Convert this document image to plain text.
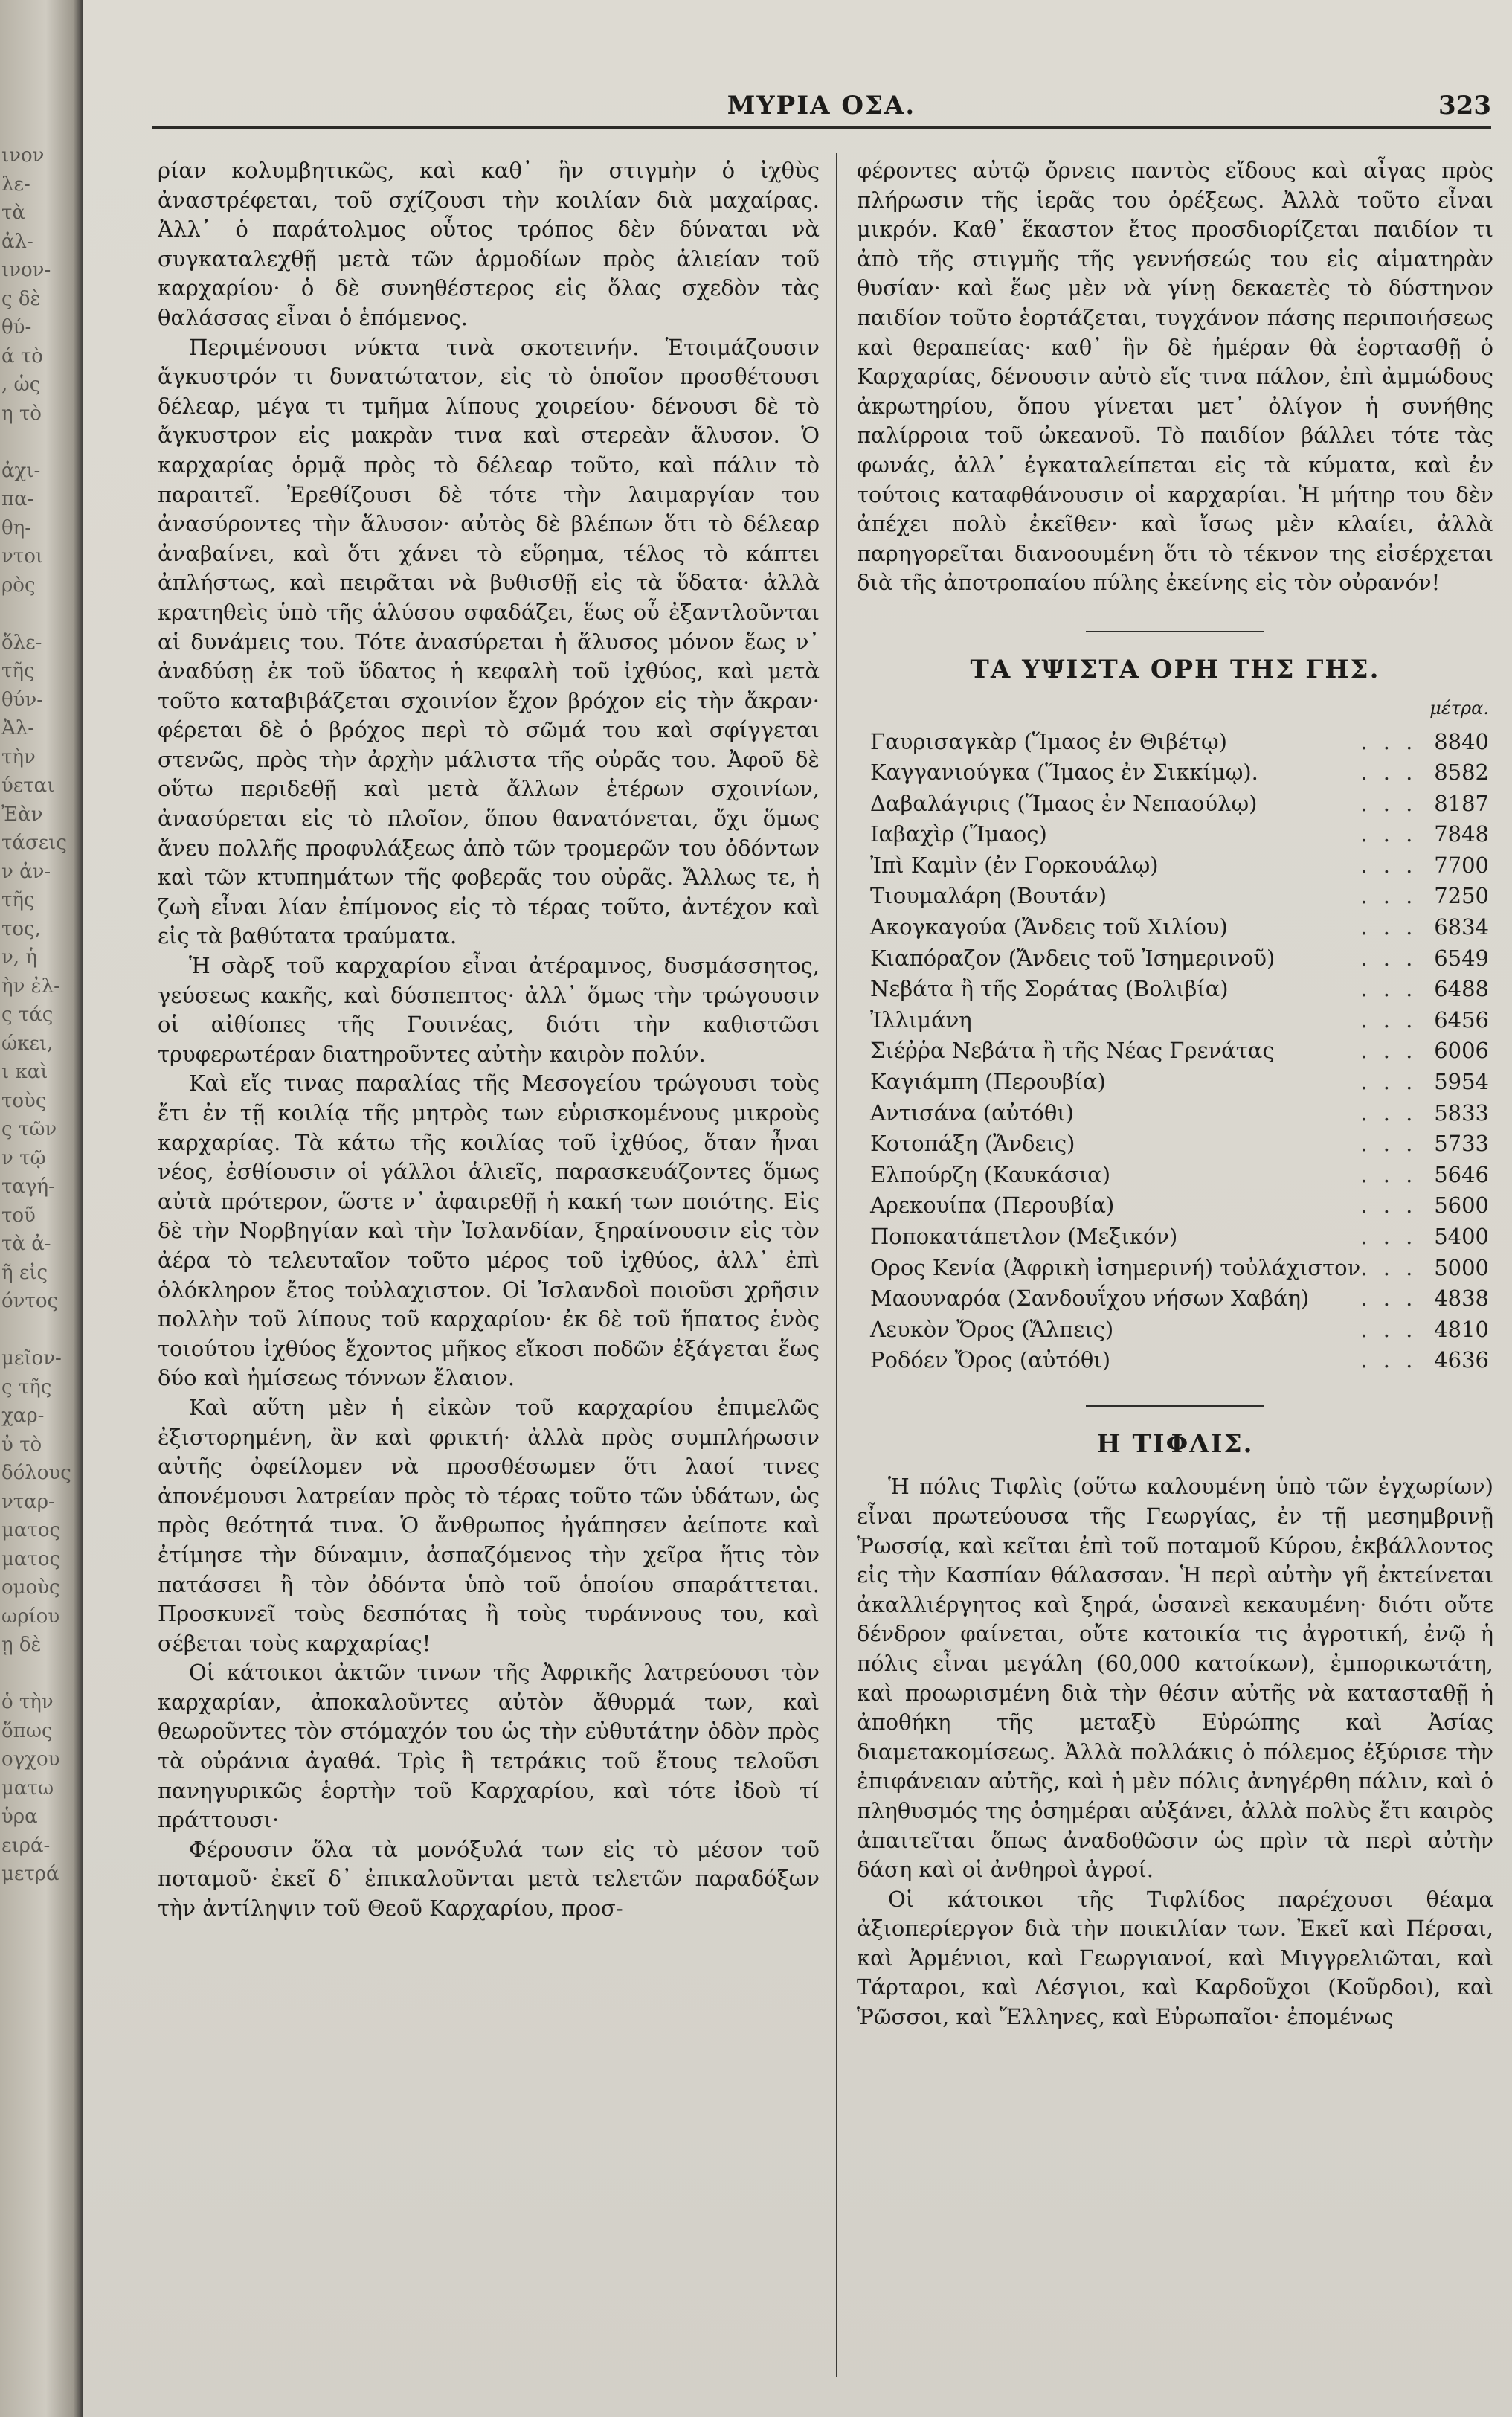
ινον
λε-
τὰ
ἀλ-
ινον-
ς δὲ
θύ-
ά τὸ
, ὡς
η τὸ

ἀχι-
πα-
θη-
ντοι
ρὸς

ὅλε-
τῆς
θύν-
Ἀλ-
τὴν
ύεται
Ἐὰν
τάσεις
ν ἀν-
τῆς
τος,
ν, ἡ
ὴν ἐλ-
ς τάς
ώκει,
ι καὶ
τοὺς
ς τῶν
ν τῷ
ταγή-
τοῦ
τὰ ἀ-
ῆ εἰς
όντος

μεῖον-
ς τῆς
χαρ-
ὐ τὸ
δόλους
νταρ-
ματος
ματος
ομοὺς
ωρίου
ῃ δὲ

ὁ τὴν
ὅπως
ογχου
ματω
ὑρα
ειρά-
μετρά
ΜΥΡΙΑ ΟΣΑ.	323

ρίαν κολυμβητικῶς, καὶ καθ᾽ ἣν στιγμὴν ὁ ἰχθὺς ἀναστρέφεται, τοῦ σχίζουσι τὴν κοιλίαν διὰ μαχαίρας. Ἀλλ᾽ ὁ παράτολμος οὗτος τρόπος δὲν δύναται νὰ συγκαταλεχθῇ μετὰ τῶν ἁρμοδίων πρὸς ἁλιείαν τοῦ καρχαρίου· ὁ δὲ συνηθέστερος εἰς ὅλας σχεδὸν τὰς θαλάσσας εἶναι ὁ ἑπόμενος.

Περιμένουσι νύκτα τινὰ σκοτεινήν. Ἑτοιμάζουσιν ἄγκυστρόν τι δυνατώτατον, εἰς τὸ ὁποῖον προσθέτουσι δέλεαρ, μέγα τι τμῆμα λίπους χοιρείου· δένουσι δὲ τὸ ἄγκυστρον εἰς μακρὰν τινα καὶ στερεὰν ἅλυσον. Ὁ καρχαρίας ὁρμᾷ πρὸς τὸ δέλεαρ τοῦτο, καὶ πάλιν τὸ παραιτεῖ. Ἐρεθίζουσι δὲ τότε τὴν λαιμαργίαν του ἀνασύροντες τὴν ἅλυσον· αὐτὸς δὲ βλέπων ὅτι τὸ δέλεαρ ἀναβαίνει, καὶ ὅτι χάνει τὸ εὕρημα, τέλος τὸ κάπτει ἀπλήστως, καὶ πειρᾶται νὰ βυθισθῇ εἰς τὰ ὕδατα· ἀλλὰ κρατηθεὶς ὑπὸ τῆς ἁλύσου σφαδάζει, ἕως οὗ ἐξαντλοῦνται αἱ δυνάμεις του. Τότε ἀνασύρεται ἡ ἅλυσος μόνον ἕως ν᾽ ἀναδύσῃ ἐκ τοῦ ὕδατος ἡ κεφαλὴ τοῦ ἰχθύος, καὶ μετὰ τοῦτο καταβιβάζεται σχοινίον ἔχον βρόχον εἰς τὴν ἄκραν· φέρεται δὲ ὁ βρόχος περὶ τὸ σῶμά του καὶ σφίγγεται στενῶς, πρὸς τὴν ἀρχὴν μάλιστα τῆς οὐρᾶς του. Ἀφοῦ δὲ οὕτω περιδεθῇ καὶ μετὰ ἄλλων ἑτέρων σχοινίων, ἀνασύρεται εἰς τὸ πλοῖον, ὅπου θανατόνεται, ὄχι ὅμως ἄνευ πολλῆς προφυλάξεως ἀπὸ τῶν τρομερῶν του ὀδόντων καὶ τῶν κτυπημάτων τῆς φοβερᾶς του οὐρᾶς. Ἄλλως τε, ἡ ζωὴ εἶναι λίαν ἐπίμονος εἰς τὸ τέρας τοῦτο, ἀντέχον καὶ εἰς τὰ βαθύτατα τραύματα.

Ἡ σὰρξ τοῦ καρχαρίου εἶναι ἀτέραμνος, δυσμάσσητος, γεύσεως κακῆς, καὶ δύσπεπτος· ἀλλ᾽ ὅμως τὴν τρώγουσιν οἱ αἰθίοπες τῆς Γουινέας, διότι τὴν καθιστῶσι τρυφερωτέραν διατηροῦντες αὐτὴν καιρὸν πολύν.

Καὶ εἴς τινας παραλίας τῆς Μεσογείου τρώγουσι τοὺς ἔτι ἐν τῇ κοιλίᾳ τῆς μητρὸς των εὑρισκομένους μικροὺς καρχαρίας. Τὰ κάτω τῆς κοιλίας τοῦ ἰχθύος, ὅταν ἦναι νέος, ἐσθίουσιν οἱ γάλλοι ἁλιεῖς, παρασκευάζοντες ὅμως αὐτὰ πρότερον, ὥστε ν᾽ ἀφαιρεθῇ ἡ κακή των ποιότης. Εἰς δὲ τὴν Νορβηγίαν καὶ τὴν Ἰσλανδίαν, ξηραίνουσιν εἰς τὸν ἀέρα τὸ τελευταῖον τοῦτο μέρος τοῦ ἰχθύος, ἀλλ᾽ ἐπὶ ὁλόκληρον ἔτος τοὐλαχιστον. Οἱ Ἰσλανδοὶ ποιοῦσι χρῆσιν πολλὴν τοῦ λίπους τοῦ καρχαρίου· ἐκ δὲ τοῦ ἥπατος ἑνὸς τοιούτου ἰχθύος ἔχοντος μῆκος εἴκοσι ποδῶν ἐξάγεται ἕως δύο καὶ ἡμίσεως τόννων ἔλαιον.

Καὶ αὕτη μὲν ἡ εἰκὼν τοῦ καρχαρίου ἐπιμελῶς ἐξιστορημένη, ἂν καὶ φρικτή· ἀλλὰ πρὸς συμπλήρωσιν αὐτῆς ὀφείλομεν νὰ προσθέσωμεν ὅτι λαοί τινες ἀπονέμουσι λατρείαν πρὸς τὸ τέρας τοῦτο τῶν ὑδάτων, ὡς πρὸς θεότητά τινα. Ὁ ἄνθρωπος ἠγάπησεν ἀείποτε καὶ ἐτίμησε τὴν δύναμιν, ἀσπαζόμενος τὴν χεῖρα ἥτις τὸν πατάσσει ἢ τὸν ὀδόντα ὑπὸ τοῦ ὁποίου σπαράττεται. Προσκυνεῖ τοὺς δεσπότας ἢ τοὺς τυράννους του, καὶ σέβεται τοὺς καρχαρίας!

Οἱ κάτοικοι ἀκτῶν τινων τῆς Ἀφρικῆς λατρεύουσι τὸν καρχαρίαν, ἀποκαλοῦντες αὐτὸν ἄθυρμά των, καὶ θεωροῦντες τὸν στόμαχόν του ὡς τὴν εὐθυτάτην ὁδὸν πρὸς τὰ οὐράνια ἀγαθά. Τρὶς ἢ τετράκις τοῦ ἔτους τελοῦσι πανηγυρικῶς ἑορτὴν τοῦ Καρχαρίου, καὶ τότε ἰδοὺ τί πράττουσι·

Φέρουσιν ὅλα τὰ μονόξυλά των εἰς τὸ μέσον τοῦ ποταμοῦ· ἐκεῖ δ᾽ ἐπικαλοῦνται μετὰ τελετῶν παραδόξων τὴν ἀντίληψιν τοῦ Θεοῦ Καρχαρίου, προσ-

φέροντες αὐτῷ ὄρνεις παντὸς εἴδους καὶ αἶγας πρὸς πλήρωσιν τῆς ἱερᾶς του ὀρέξεως. Ἀλλὰ τοῦτο εἶναι μικρόν. Καθ᾽ ἕκαστον ἔτος προσδιορίζεται παιδίον τι ἀπὸ τῆς στιγμῆς τῆς γεννήσεώς του εἰς αἱματηρὰν θυσίαν· καὶ ἕως μὲν νὰ γίνῃ δεκαετὲς τὸ δύστηνον παιδίον τοῦτο ἑορτάζεται, τυγχάνον πάσης περιποιήσεως καὶ θεραπείας· καθ᾽ ἣν δὲ ἡμέραν θὰ ἑορτασθῇ ὁ Καρχαρίας, δένουσιν αὐτὸ εἴς τινα πάλον, ἐπὶ ἀμμώδους ἀκρωτηρίου, ὅπου γίνεται μετ᾽ ὀλίγον ἡ συνήθης παλίρροια τοῦ ὠκεανοῦ. Τὸ παιδίον βάλλει τότε τὰς φωνάς, ἀλλ᾽ ἐγκαταλείπεται εἰς τὰ κύματα, καὶ ἐν τούτοις καταφθάνουσιν οἱ καρχαρίαι. Ἡ μήτηρ του δὲν ἀπέχει πολὺ ἐκεῖθεν· καὶ ἴσως μὲν κλαίει, ἀλλὰ παρηγορεῖται διανοουμένη ὅτι τὸ τέκνον της εἰσέρχεται διὰ τῆς ἀποτροπαίου πύλης ἐκείνης εἰς τὸν οὐρανόν!

ΤΑ ΥΨΙΣΤΑ ΟΡΗ ΤΗΣ ΓΗΣ.
μέτρα.
Γαυρισαγκὰρ (Ἵμαος ἐν Θιβέτῳ)	. . .	8840
Καγγανιούγκα (Ἵμαος ἐν Σικκίμῳ).	. . .	8582
Δαβαλάγιρις (Ἵμαος ἐν Νεπαούλῳ)	. . .	8187
Ιαβαχὶρ (Ἵμαος)	. . .	7848
Ἰπὶ Καμὶν (ἐν Γορκουάλῳ)	. . .	7700
Τιουμαλάρη (Βουτάν)	. . .	7250
Ακογκαγούα (Ἄνδεις τοῦ Χιλίου)	. . .	6834
Κιαπόραζον (Ἄνδεις τοῦ Ἰσημερινοῦ)	. . .	6549
Νεβάτα ἢ τῆς Σοράτας (Βολιβία)	. . .	6488
Ἰλλιμάνη	. . .	6456
Σιέῤῥα Νεβάτα ἢ τῆς Νέας Γρενάτας	. . .	6006
Καγιάμπη (Περουβία)	. . .	5954
Αντισάνα (αὐτόθι)	. . .	5833
Κοτοπάξη (Ἄνδεις)	. . .	5733
Ελπούρζη (Καυκάσια)	. . .	5646
Αρεκουίπα (Περουβία)	. . .	5600
Ποποκατάπετλον (Μεξικόν)	. . .	5400
Ορος Κενία (Ἀφρικὴ ἰσημερινή) τοὐλάχιστον	. . .	5000
Μαουναρόα (Σανδουΐχου νήσων Χαβάη)	. . .	4838
Λευκὸν Ὄρος (Ἄλπεις)	. . .	4810
Ροδόεν Ὄρος (αὐτόθι)	. . .	4636
Η ΤΙΦΛΙΣ.

Ἡ πόλις Τιφλὶς (οὕτω καλουμένη ὑπὸ τῶν ἐγχωρίων) εἶναι πρωτεύουσα τῆς Γεωργίας, ἐν τῇ μεσημβρινῇ Ῥωσσίᾳ, καὶ κεῖται ἐπὶ τοῦ ποταμοῦ Κύρου, ἐκβάλλοντος εἰς τὴν Κασπίαν θάλασσαν. Ἡ περὶ αὐτὴν γῆ ἐκτείνεται ἀκαλλιέργητος καὶ ξηρά, ὡσανεὶ κεκαυμένη· διότι οὔτε δένδρον φαίνεται, οὔτε κατοικία τις ἀγροτική, ἐνῷ ἡ πόλις εἶναι μεγάλη (60,000 κατοίκων), ἐμπορικωτάτη, καὶ προωρισμένη διὰ τὴν θέσιν αὐτῆς νὰ κατασταθῇ ἡ ἀποθήκη τῆς μεταξὺ Εὐρώπης καὶ Ἀσίας διαμετακομίσεως. Ἀλλὰ πολλάκις ὁ πόλεμος ἐξύρισε τὴν ἐπιφάνειαν αὐτῆς, καὶ ἡ μὲν πόλις ἀνηγέρθη πάλιν, καὶ ὁ πληθυσμός της ὀσημέραι αὐξάνει, ἀλλὰ πολὺς ἔτι καιρὸς ἀπαιτεῖται ὅπως ἀναδοθῶσιν ὡς πρὶν τὰ περὶ αὐτὴν δάση καὶ οἱ ἀνθηροὶ ἀγροί.

Οἱ κάτοικοι τῆς Τιφλίδος παρέχουσι θέαμα ἀξιοπερίεργον διὰ τὴν ποικιλίαν των. Ἐκεῖ καὶ Πέρσαι, καὶ Ἀρμένιοι, καὶ Γεωργιανοί, καὶ Μιγγρελιῶται, καὶ Τάρταροι, καὶ Λέσγιοι, καὶ Καρδοῦχοι (Κοῦρδοι), καὶ Ῥῶσσοι, καὶ Ἕλληνες, καὶ Εὐρωπαῖοι· ἐπομένως
